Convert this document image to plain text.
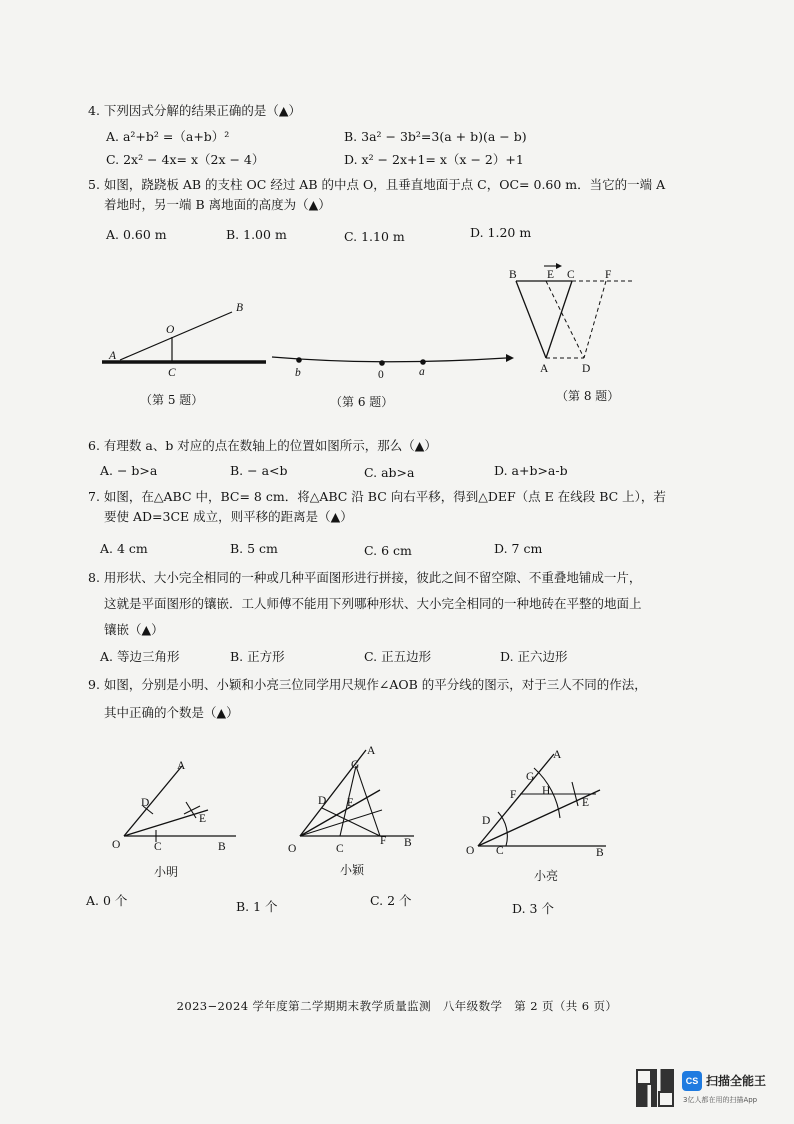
4. 下列因式分解的结果正确的是（▲）
A. a²+b² =（a+b）²	B. 3a² − 3b²=3(a + b)(a − b)
C. 2x² − 4x= x（2x − 4）	D. x² − 2x+1= x（x − 2）+1
5. 如图，跷跷板 AB 的支柱 OC 经过 AB 的中点 O，且垂直地面于点 C，OC= 0.60 m．当它的一端 A
着地时，另一端 B 离地面的高度为（▲）
A. 0.60 m	B. 1.00 m	C. 1.10 m	D. 1.20 m
A
B
O
C
（第 5 题）
b	0	a
（第 6 题）
B	E C	F
A	D
（第 8 题）
6. 有理数 a、b 对应的点在数轴上的位置如图所示，那么（▲）
A. − b>a	B. − a<b	C. ab>a	D. a+b>a-b
7. 如图，在△ABC 中，BC= 8 cm．将△ABC 沿 BC 向右平移，得到△DEF（点 E 在线段 BC 上），若
要使 AD=3CE 成立，则平移的距离是（▲）
A. 4 cm	B. 5 cm	C. 6 cm	D. 7 cm
8. 用形状、大小完全相同的一种或几种平面图形进行拼接，彼此之间不留空隙、不重叠地铺成一片，
这就是平面图形的镶嵌．工人师傅不能用下列哪种形状、大小完全相同的一种地砖在平整的地面上
镶嵌（▲）
A. 等边三角形	B. 正方形	C. 正五边形	D. 正六边形
9. 如图，分别是小明、小颖和小亮三位同学用尺规作∠AOB 的平分线的图示，对于三人不同的作法，
其中正确的个数是（▲）
A
D
E
O	C	B
小明
A
G
D E
O	C
F B
小颖
A
G
F H
E
D
O C	B
小亮
A. 0 个	B. 1 个	C. 2 个
D. 3 个
2023−2024 学年度第二学期期末教学质量监测　八年级数学　第 2 页（共 6 页）
CS 扫描全能王
3亿人都在用的扫描App
